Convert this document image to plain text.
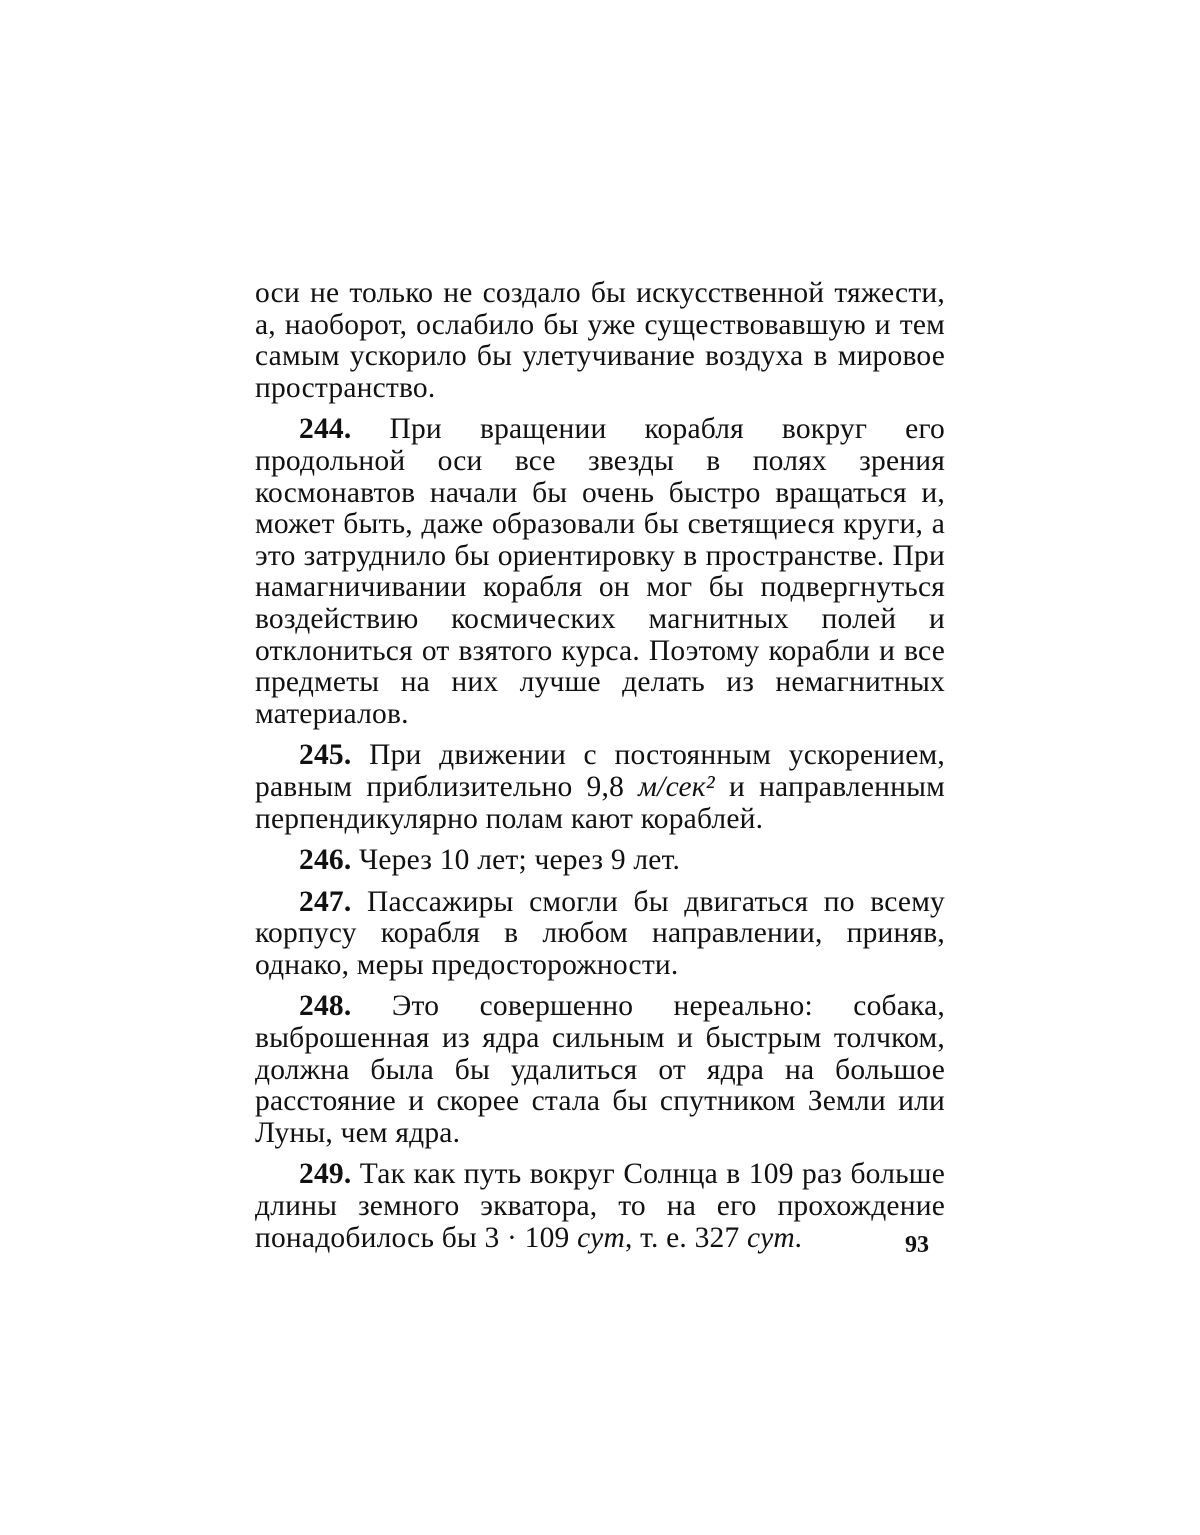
оси не только не создало бы искусственной тяжести, а, наоборот, ослабило бы уже существовавшую и тем самым ускорило бы улетучивание воздуха в мировое пространство.

244. При вращении корабля вокруг его продольной оси все звезды в полях зрения космонавтов начали бы очень быстро вращаться и, может быть, даже образовали бы светящиеся круги, а это затруднило бы ориентировку в пространстве. При намагничивании корабля он мог бы подвергнуться воздействию космических магнитных полей и отклониться от взятого курса. Поэтому корабли и все предметы на них лучше делать из немагнитных материалов.

245. При движении с постоянным ускорением, равным приблизительно 9,8 м/сек² и направленным перпендикулярно полам кают кораблей.

246. Через 10 лет; через 9 лет.

247. Пассажиры смогли бы двигаться по всему корпусу корабля в любом направлении, приняв, однако, меры предосторожности.

248. Это совершенно нереально: собака, выброшенная из ядра сильным и быстрым толчком, должна была бы удалиться от ядра на большое расстояние и скорее стала бы спутником Земли или Луны, чем ядра.

249. Так как путь вокруг Солнца в 109 раз больше длины земного экватора, то на его прохождение понадобилось бы 3 · 109 сут, т. е. 327 сут.	93
